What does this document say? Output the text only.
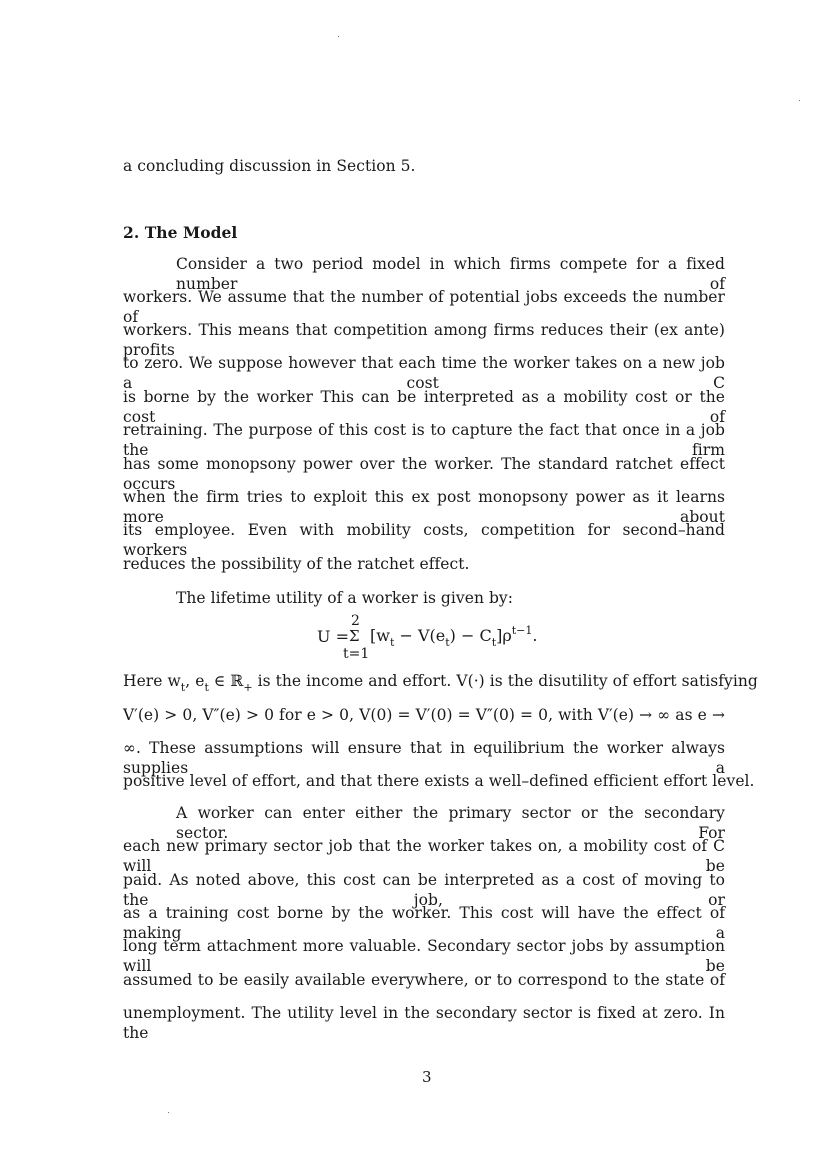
a concluding discussion in Section 5.
2. The Model
Consider a two period model in which firms compete for a fixed number of
workers. We assume that the number of potential jobs exceeds the number of
workers. This means that competition among firms reduces their (ex ante) profits
to zero. We suppose however that each time the worker takes on a new job a cost C
is borne by the worker This can be interpreted as a mobility cost or the cost of
retraining. The purpose of this cost is to capture the fact that once in a job the firm
has some monopsony power over the worker. The standard ratchet effect occurs
when the firm tries to exploit this ex post monopsony power as it learns more about
its employee. Even with mobility costs, competition for second–hand workers
reduces the possibility of the ratchet effect.
The lifetime utility of a worker is given by:
U =
2
Σ
t=1
$[w_t - V(e_t) - C_t]\rho^{t-1}$.
Here $w_t$, $e_t$ ∈ ℝ$_+$ is the income and effort. V(·) is the disutility of effort satisfying
V′(e) > 0, V″(e) > 0 for e > 0, V(0) = V′(0) = V″(0) = 0, with V′(e) → ∞ as e →
∞. These assumptions will ensure that in equilibrium the worker always supplies a
positive level of effort, and that there exists a well–defined efficient effort level.
A worker can enter either the primary sector or the secondary sector. For
each new primary sector job that the worker takes on, a mobility cost of C will be
paid. As noted above, this cost can be interpreted as a cost of moving to the job, or
as a training cost borne by the worker. This cost will have the effect of making a
long term attachment more valuable. Secondary sector jobs by assumption will be
assumed to be easily available everywhere, or to correspond to the state of
unemployment. The utility level in the secondary sector is fixed at zero. In the
3
